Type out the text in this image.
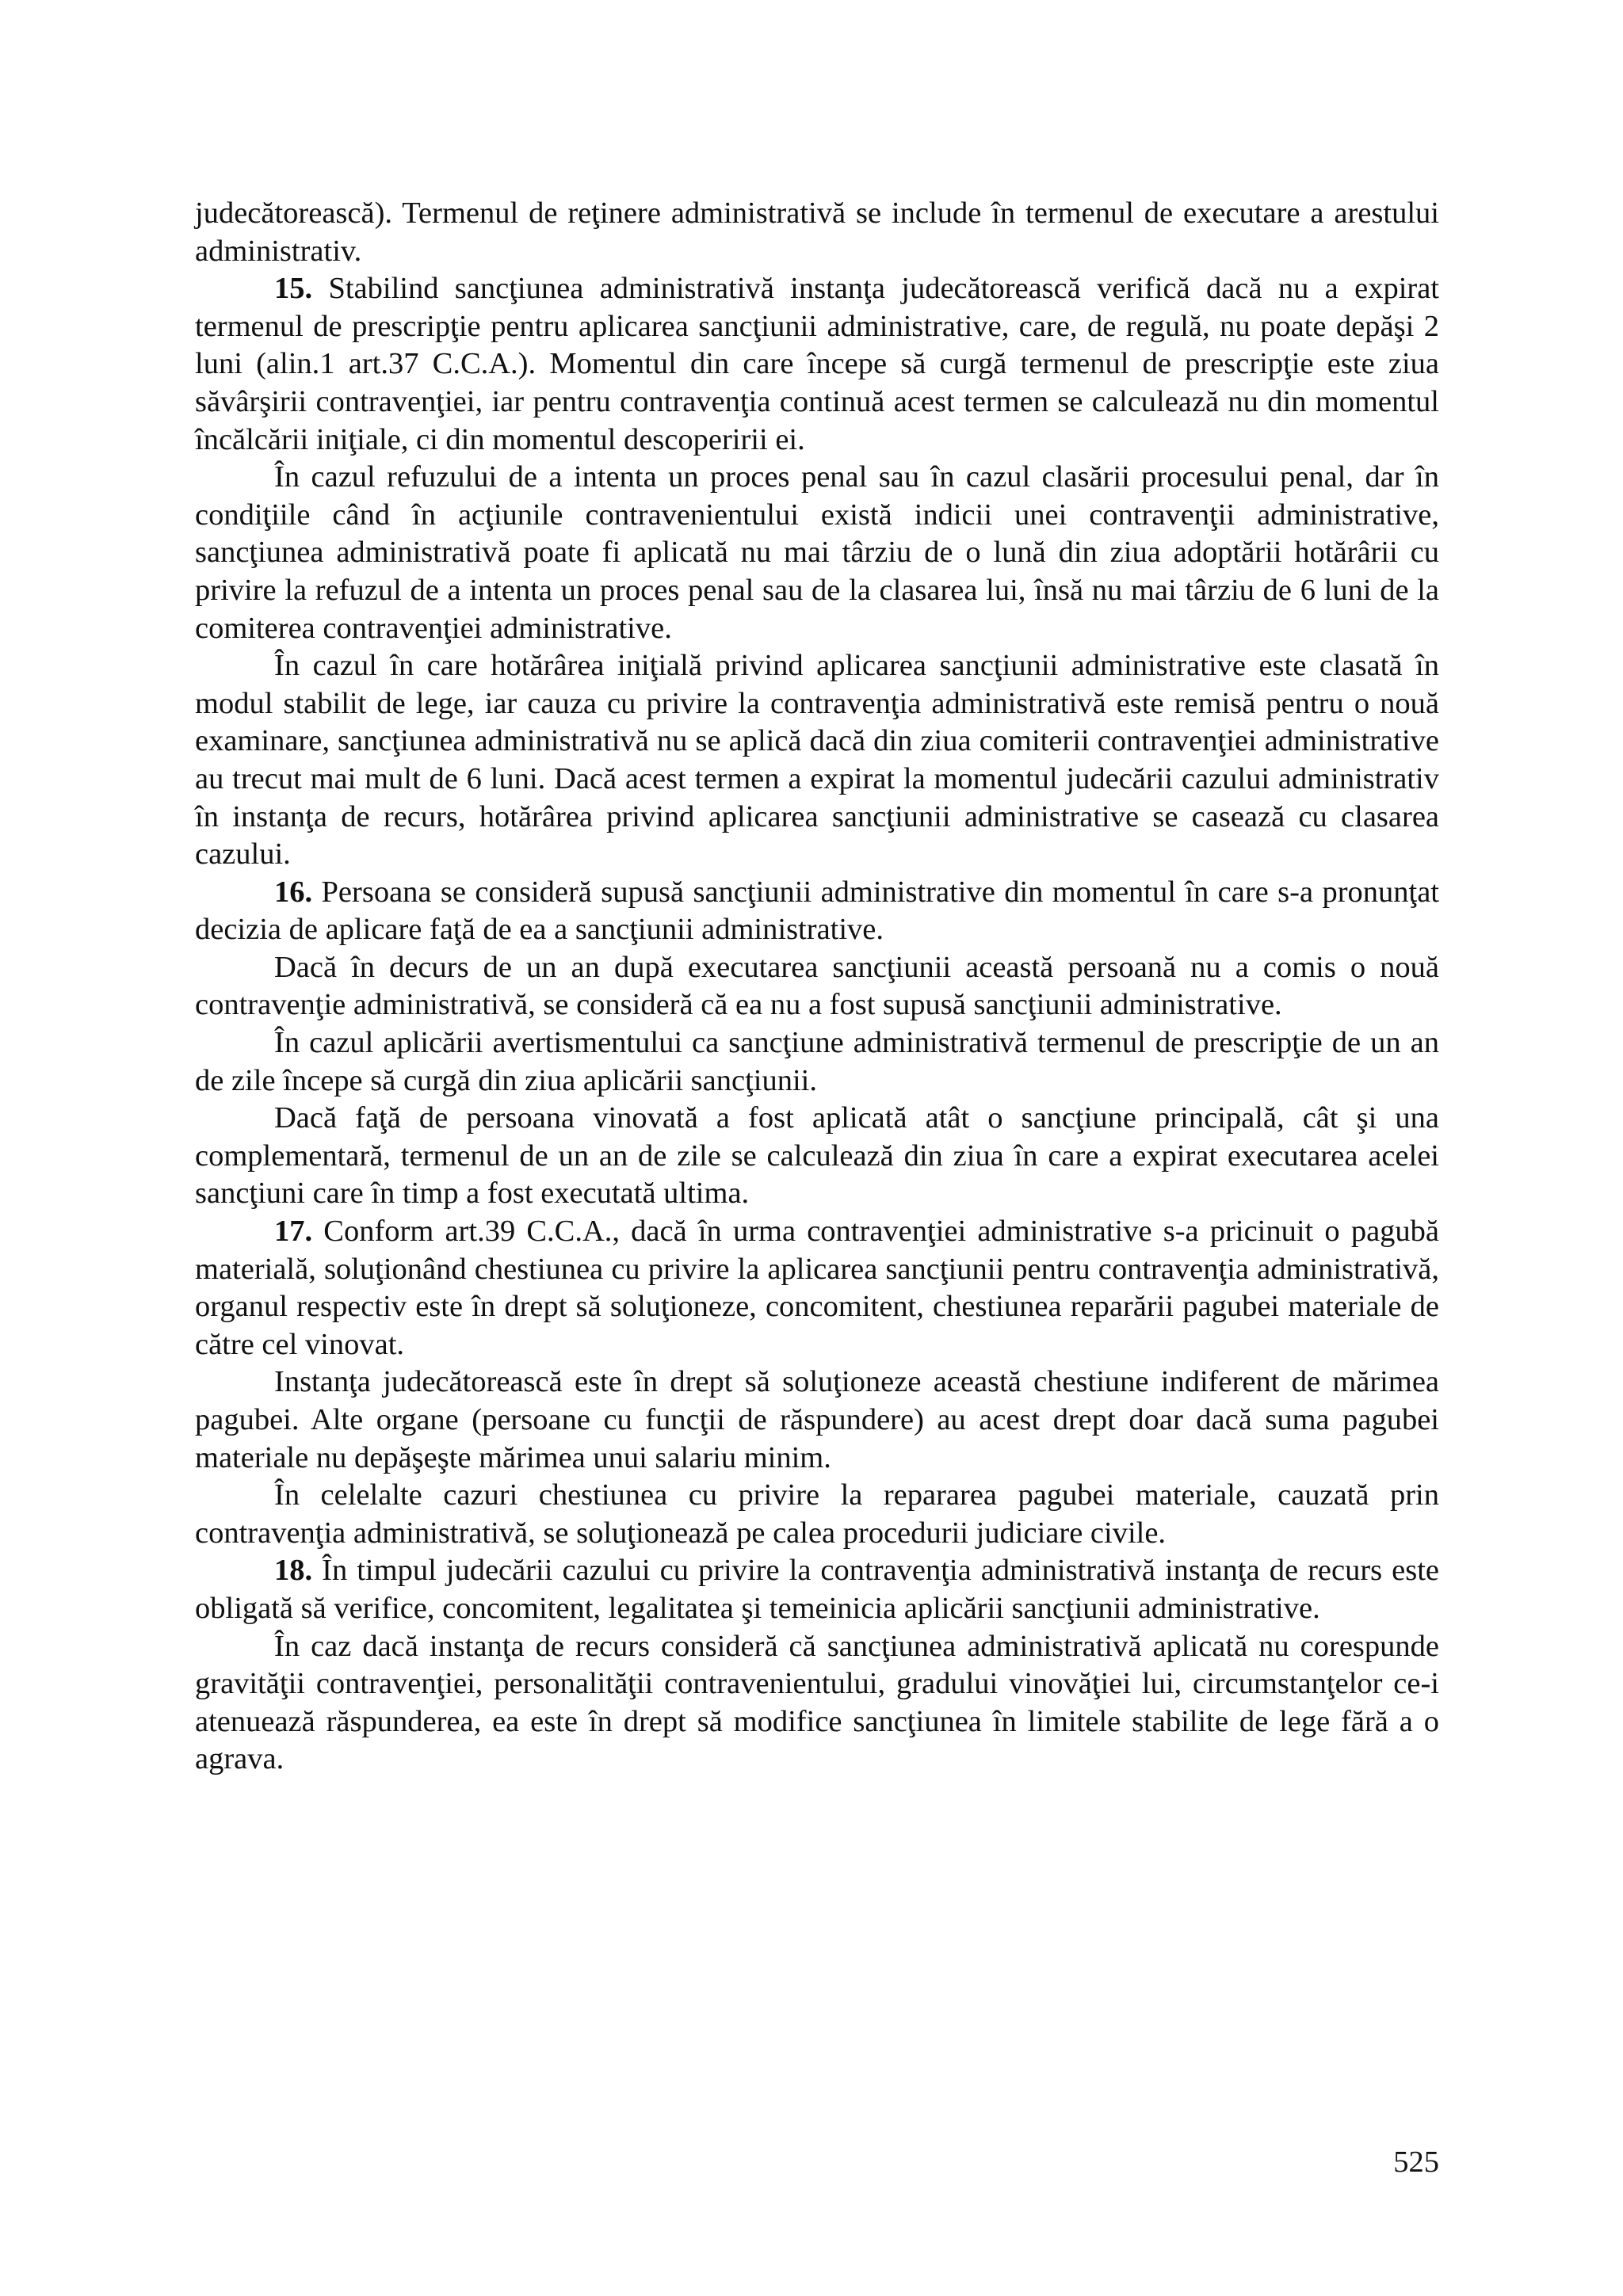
judecătorească). Termenul de reţinere administrativă se include în termenul de executare a arestului administrativ.

15. Stabilind sancţiunea administrativă instanţa judecătorească verifică dacă nu a expirat termenul de prescripţie pentru aplicarea sancţiunii administrative, care, de regulă, nu poate depăşi 2 luni (alin.1 art.37 C.C.A.). Momentul din care începe să curgă termenul de prescripţie este ziua săvârşirii contravenţiei, iar pentru contravenţia continuă acest termen se calculează nu din momentul încălcării iniţiale, ci din momentul descoperirii ei.

În cazul refuzului de a intenta un proces penal sau în cazul clasării procesului penal, dar în condiţiile când în acţiunile contravenientului există indicii unei contravenţii administrative, sancţiunea administrativă poate fi aplicată nu mai târziu de o lună din ziua adoptării hotărârii cu privire la refuzul de a intenta un proces penal sau de la clasarea lui, însă nu mai târziu de 6 luni de la comiterea contravenţiei administrative.

În cazul în care hotărârea iniţială privind aplicarea sancţiunii administrative este clasată în modul stabilit de lege, iar cauza cu privire la contravenţia administrativă este remisă pentru o nouă examinare, sancţiunea administrativă nu se aplică dacă din ziua comiterii contravenţiei administrative au trecut mai mult de 6 luni. Dacă acest termen a expirat la momentul judecării cazului administrativ în instanţa de recurs, hotărârea privind aplicarea sancţiunii administrative se casează cu clasarea cazului.

16. Persoana se consideră supusă sancţiunii administrative din momentul în care s-a pronunţat decizia de aplicare faţă de ea a sancţiunii administrative.

Dacă în decurs de un an după executarea sancţiunii această persoană nu a comis o nouă contravenţie administrativă, se consideră că ea nu a fost supusă sancţiunii administrative.

În cazul aplicării avertismentului ca sancţiune administrativă termenul de prescripţie de un an de zile începe să curgă din ziua aplicării sancţiunii.

Dacă faţă de persoana vinovată a fost aplicată atât o sancţiune principală, cât şi una complementară, termenul de un an de zile se calculează din ziua în care a expirat executarea acelei sancţiuni care în timp a fost executată ultima.

17. Conform art.39 C.C.A., dacă în urma contravenţiei administrative s-a pricinuit o pagubă materială, soluţionând chestiunea cu privire la aplicarea sancţiunii pentru contravenţia administrativă, organul respectiv este în drept să soluţioneze, concomitent, chestiunea reparării pagubei materiale de către cel vinovat.

Instanţa judecătorească este în drept să soluţioneze această chestiune indiferent de mărimea pagubei. Alte organe (persoane cu funcţii de răspundere) au acest drept doar dacă suma pagubei materiale nu depăşeşte mărimea unui salariu minim.

În celelalte cazuri chestiunea cu privire la repararea pagubei materiale, cauzată prin contravenţia administrativă, se soluţionează pe calea procedurii judiciare civile.

18. În timpul judecării cazului cu privire la contravenţia administrativă instanţa de recurs este obligată să verifice, concomitent, legalitatea şi temeinicia aplicării sancţiunii administrative.

În caz dacă instanţa de recurs consideră că sancţiunea administrativă aplicată nu corespunde gravităţii contravenţiei, personalităţii contravenientului, gradului vinovăţiei lui, circumstanţelor ce-i atenuează răspunderea, ea este în drept să modifice sancţiunea în limitele stabilite de lege fără a o agrava.

525
